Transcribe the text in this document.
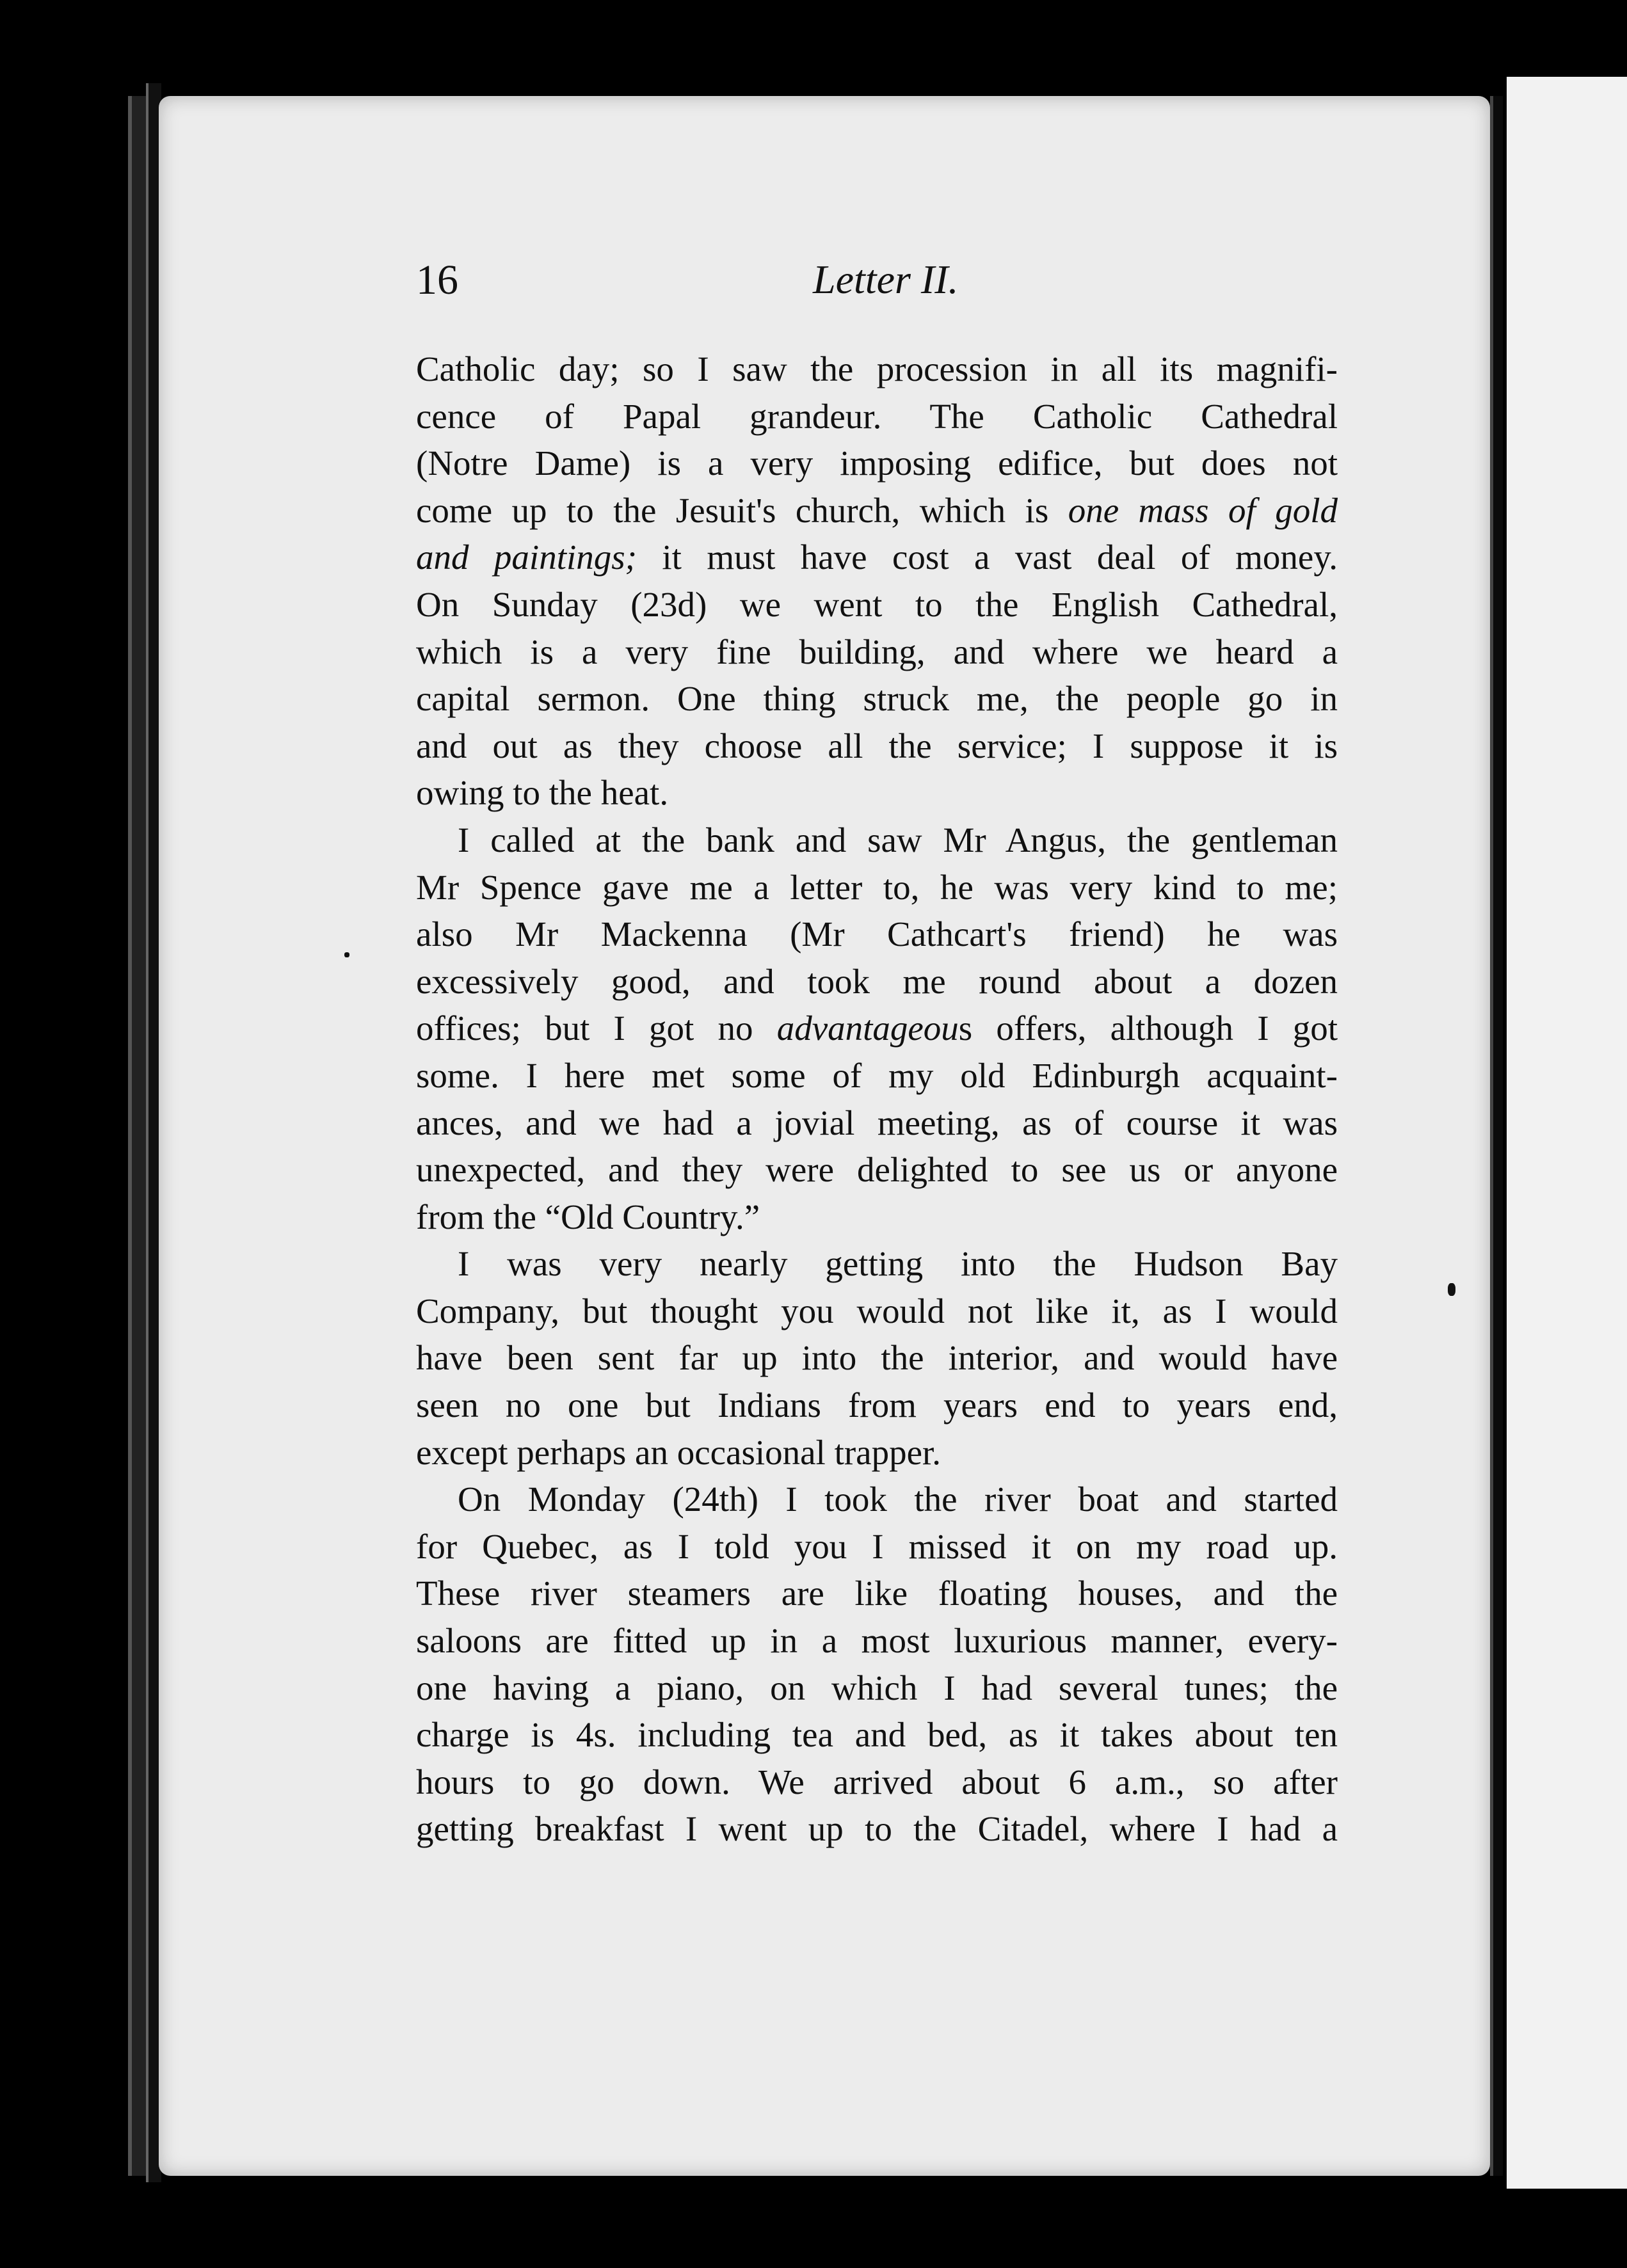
16	Letter II.
Catholic day; so I saw the procession in all its magnifi-
cence of Papal grandeur. The Catholic Cathedral
(Notre Dame) is a very imposing edifice, but does not
come up to the Jesuit's church, which is one mass of gold
and paintings; it must have cost a vast deal of money.
On Sunday (23d) we went to the English Cathedral,
which is a very fine building, and where we heard a
capital sermon. One thing struck me, the people go in
and out as they choose all the service; I suppose it is
owing to the heat.
I called at the bank and saw Mr Angus, the gentleman
Mr Spence gave me a letter to, he was very kind to me;
also Mr Mackenna (Mr Cathcart's friend) he was
excessively good, and took me round about a dozen
offices; but I got no advantageous offers, although I got
some. I here met some of my old Edinburgh acquaint-
ances, and we had a jovial meeting, as of course it was
unexpected, and they were delighted to see us or anyone
from the “Old Country.”
I was very nearly getting into the Hudson Bay
Company, but thought you would not like it, as I would
have been sent far up into the interior, and would have
seen no one but Indians from years end to years end,
except perhaps an occasional trapper.
On Monday (24th) I took the river boat and started
for Quebec, as I told you I missed it on my road up.
These river steamers are like floating houses, and the
saloons are fitted up in a most luxurious manner, every-
one having a piano, on which I had several tunes; the
charge is 4s. including tea and bed, as it takes about ten
hours to go down. We arrived about 6 a.m., so after
getting breakfast I went up to the Citadel, where I had a
